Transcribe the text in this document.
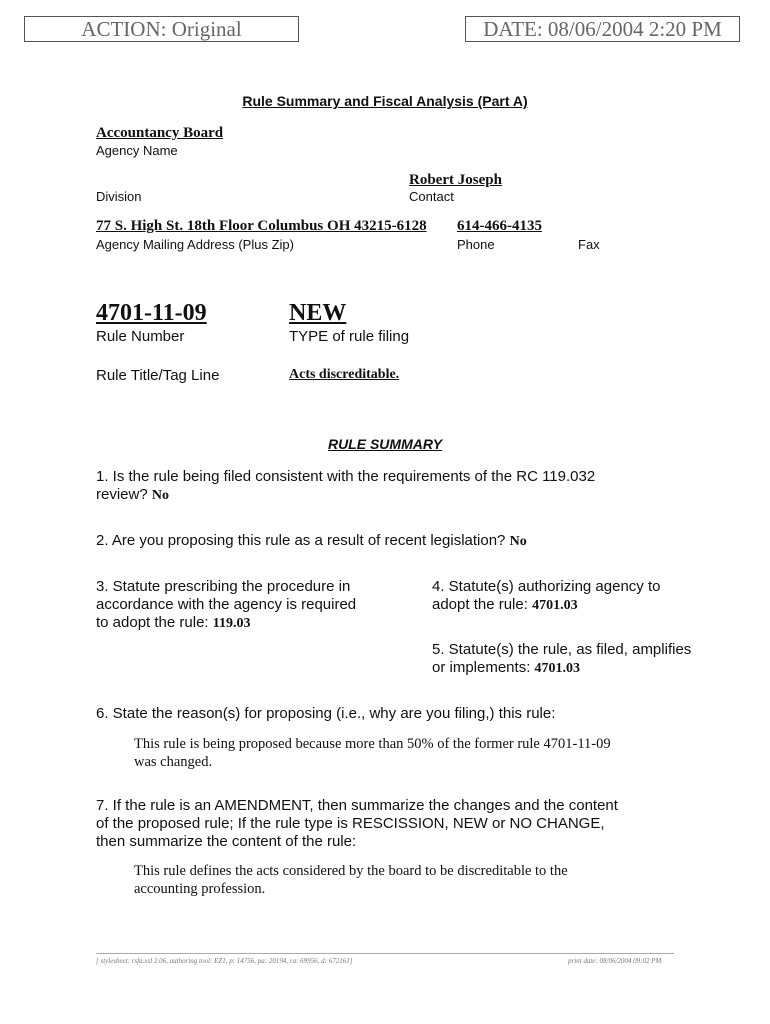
ACTION: Original	DATE: 08/06/2004 2:20 PM
Rule Summary and Fiscal Analysis (Part A)
Accountancy Board
Agency Name
Robert Joseph
Division	Contact
77 S. High St. 18th Floor Columbus OH 43215-6128 614-466-4135
Agency Mailing Address (Plus Zip)	Phone	Fax
4701-11-09	NEW
Rule Number	TYPE of rule filing
Rule Title/Tag Line	Acts discreditable.
RULE SUMMARY
1. Is the rule being filed consistent with the requirements of the RC 119.032
review? No
2. Are you proposing this rule as a result of recent legislation? No
3. Statute prescribing the procedure in
accordance with the agency is required
to adopt the rule: 119.03
4. Statute(s) authorizing agency to
adopt the rule: 4701.03
5. Statute(s) the rule, as filed, amplifies
or implements: 4701.03
6. State the reason(s) for proposing (i.e., why are you filing,) this rule:
This rule is being proposed because more than 50% of the former rule 4701-11-09
was changed.
7. If the rule is an AMENDMENT, then summarize the changes and the content
of the proposed rule; If the rule type is RESCISSION, NEW or NO CHANGE,
then summarize the content of the rule:
This rule defines the acts considered by the board to be discreditable to the
accounting profession.
[ stylesheet: rsfa.xsl 2.06, authoring tool: EZ1, p: 14756, pa: 20194, ra: 69956, d: 672161]	print date: 08/06/2004 09:02 PM
